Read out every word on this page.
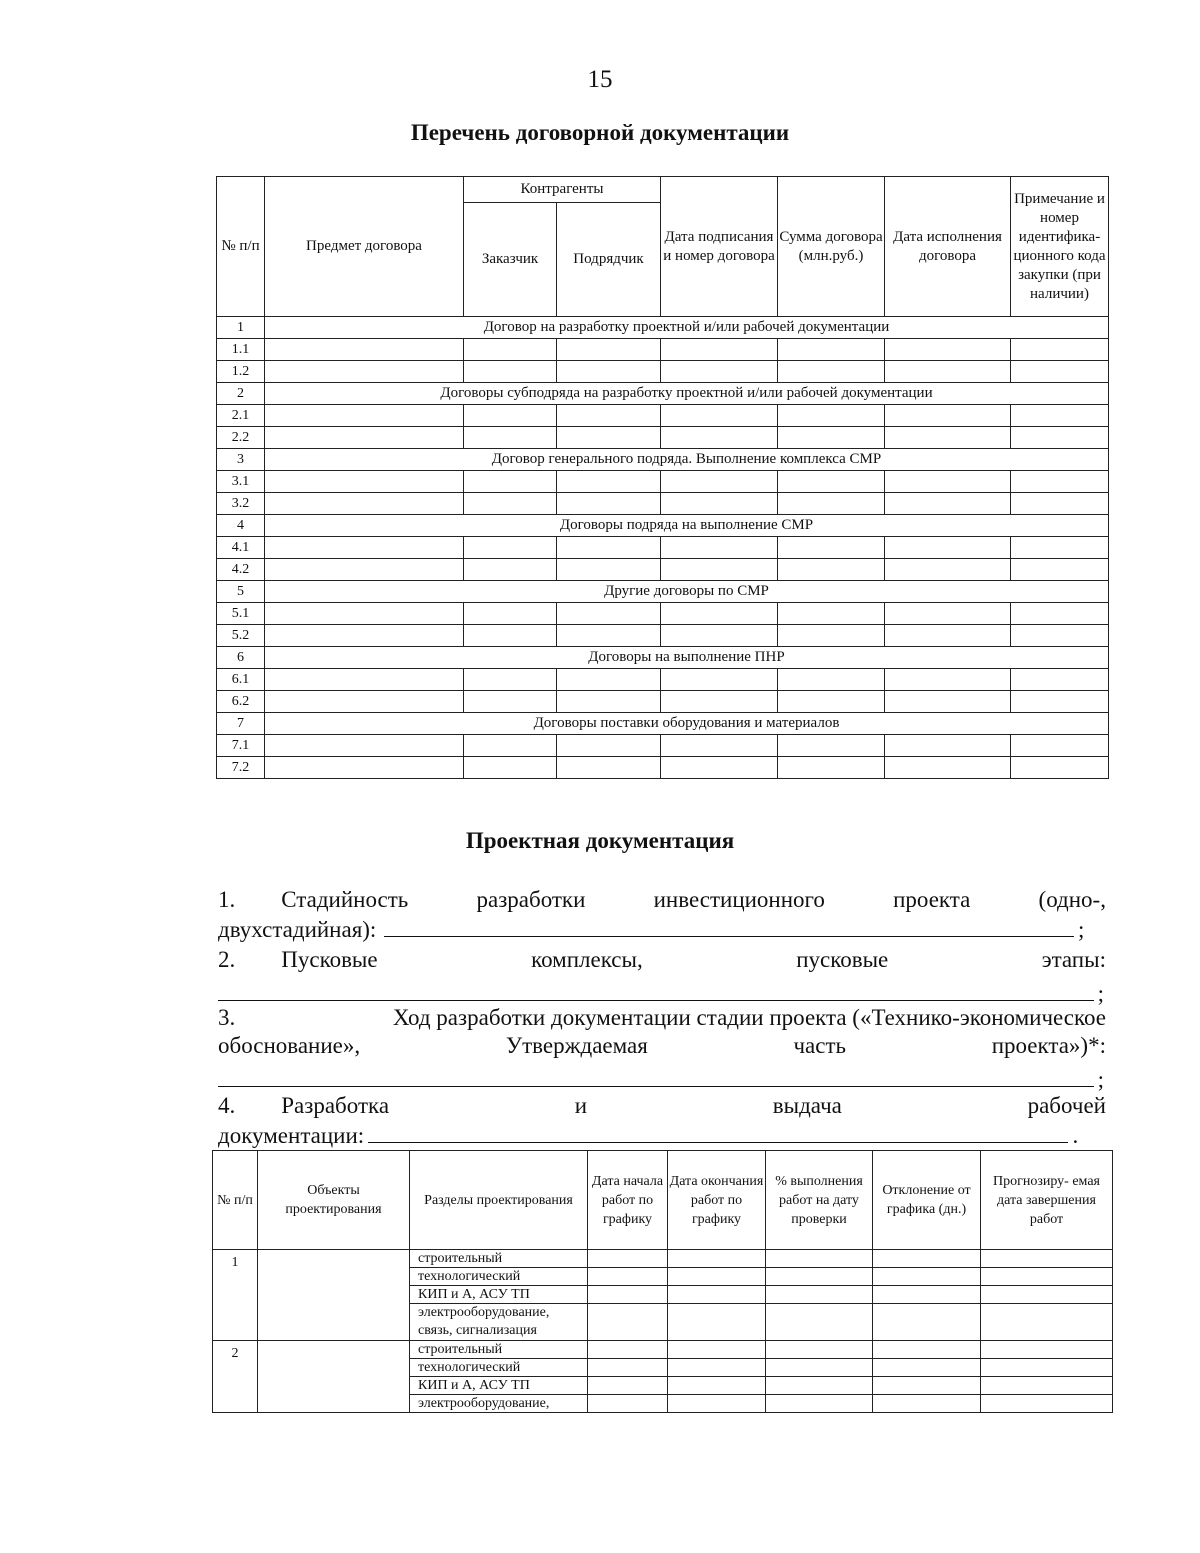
15
Перечень договорной документации
№ п/п	Предмет договора	Контрагенты		Дата подписания и номер договора	Сумма договора (млн.руб.)	Дата исполнения договора	Примечание и номер идентифика- ционного кода закупки (при наличии)
		Заказчик	Подрядчик				
1	Договор на разработку проектной и/или рабочей документации						
1.1							
1.2							
2	Договоры субподряда на разработку проектной и/или рабочей документации						
2.1							
2.2							
3	Договор генерального подряда. Выполнение комплекса СМР						
3.1							
3.2							
4	Договоры подряда на выполнение СМР						
4.1							
4.2							
5	Другие договоры по СМР						
5.1							
5.2							
6	Договоры на выполнение ПНР						
6.1							
6.2							
7	Договоры поставки оборудования и материалов						
7.1							
7.2							
Проектная документация
1. Стадийность	разработки	инвестиционного	проекта	(одно-,
двухстадийная):	;
2. Пусковые	комплексы,	пусковые	этапы:
;
3.	Ход разработки документации стадии проекта («Технико-экономическое
обоснование»,	Утверждаемая	часть	проекта»)*:
;
4. Разработка	и	выдача	рабочей
документации:	.
№ п/п	Объекты проектирования	Разделы проектирования	Дата начала работ по графику	Дата окончания работ по графику	% выполнения работ на дату проверки	Отклонение от графика (дн.)	Прогнозиру- емая дата завершения работ
1		строительный					
		технологический					
		КИП и А, АСУ ТП					
		электрооборудование, связь, сигнализация					
2		строительный					
		технологический					
		КИП и А, АСУ ТП					
		электрооборудование,					
